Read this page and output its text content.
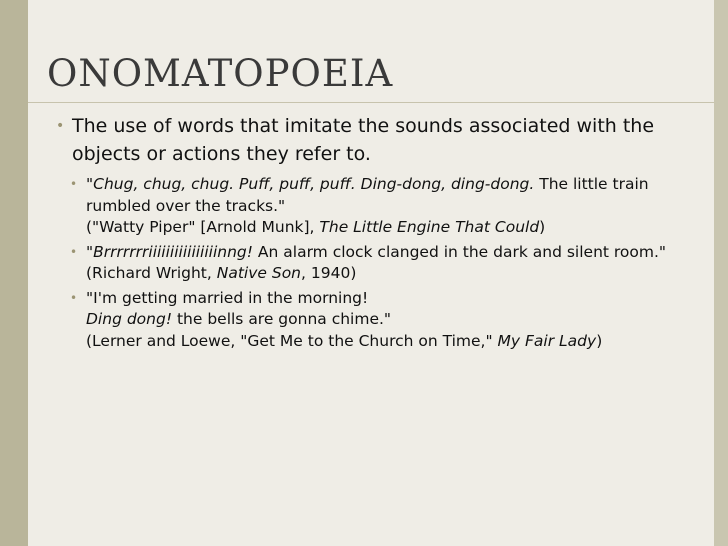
ONOMATOPOEIA
• The use of words that imitate the sounds associated with the objects or actions they refer to.
• "Chug, chug, chug. Puff, puff, puff. Ding-dong, ding-dong. The little train rumbled over the tracks."

("Watty Piper" [Arnold Munk], The Little Engine That Could)

• "Brrrrrrriiiiiiiiiiiiiiiinng! An alarm clock clanged in the dark and silent room."

(Richard Wright, Native Son, 1940)

• "I'm getting married in the morning!

Ding dong! the bells are gonna chime."

(Lerner and Loewe, "Get Me to the Church on Time," My Fair Lady)
